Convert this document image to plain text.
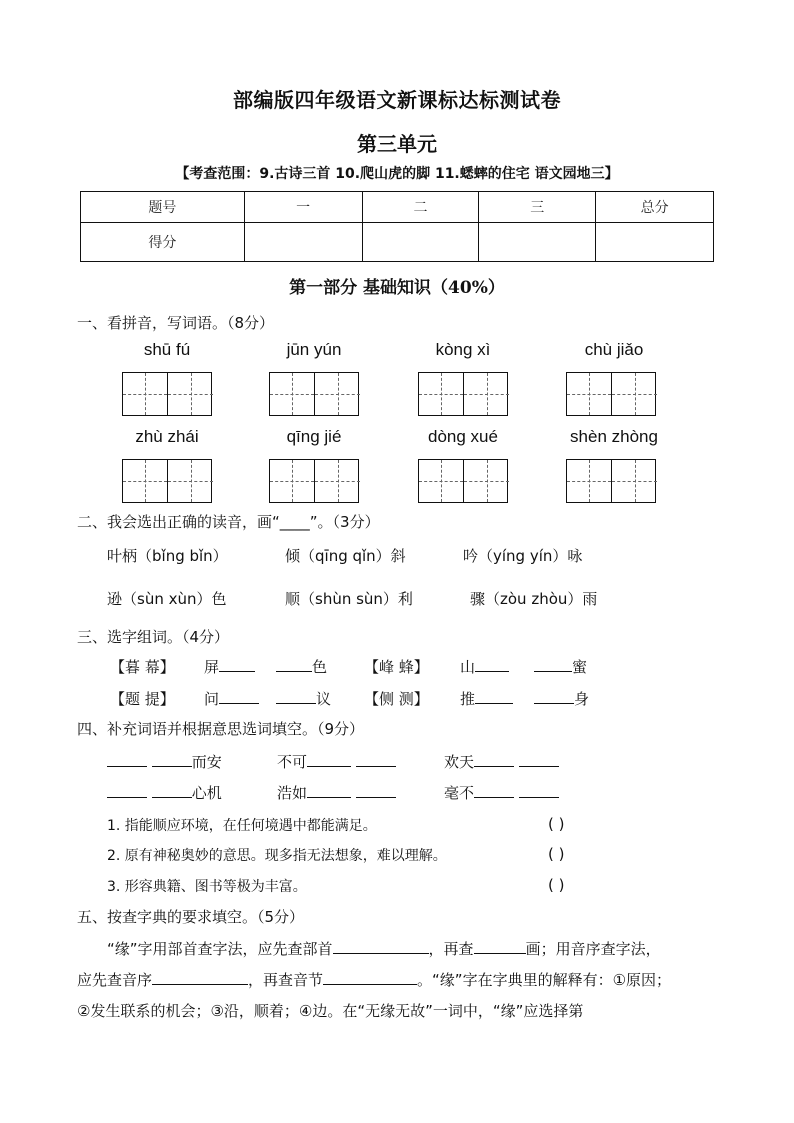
部编版四年级语文新课标达标测试卷
第三单元
【考查范围：9.古诗三首 10.爬山虎的脚 11.蟋蟀的住宅 语文园地三】
题号	一	二	三	总分
得分				
第一部分 基础知识（40%）
一、看拼音，写词语。（8分）
shū fú	jūn yún	kòng xì	chù jiǎo
zhù zhái	qīng jié	dòng xué	shèn zhòng
二、我会选出正确的读音，画“____”。（3分）
叶柄（bǐng bǐn）	倾（qīng qǐn）斜	吟（yíng yín）咏
逊（sùn xùn）色	顺（shùn sùn）利	骤（zòu zhòu）雨
三、选字组词。（4分）
【暮 幕】 屏	色 【峰 蜂】 山	蜜
【题 提】 问	议 【侧 测】 推	身
四、补充词语并根据意思选词填空。（9分）
而安	不可	欢天
心机	浩如	毫不
1. 指能顺应环境，在任何境遇中都能满足。	( )
2. 原有神秘奥妙的意思。现多指无法想象，难以理解。	( )
3. 形容典籍、图书等极为丰富。	( )
五、按查字典的要求填空。（5分）
“缘”字用部首查字法，应先查部首	，再查	画；用音序查字法，
应先查音序	，再查音节	。“缘”字在字典里的解释有：①原因；
②发生联系的机会；③沿，顺着；④边。在“无缘无故”一词中，“缘”应选择第
